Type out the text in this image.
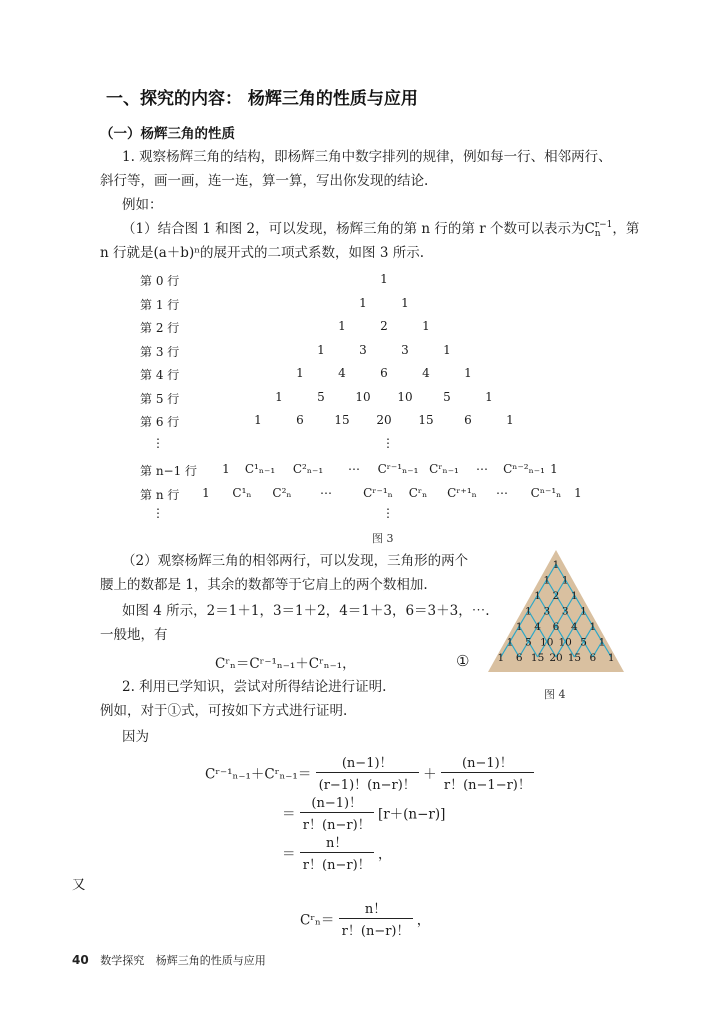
一、探究的内容： 杨辉三角的性质与应用
（一）杨辉三角的性质
1. 观察杨辉三角的结构，即杨辉三角中数字排列的规律，例如每一行、相邻两行、
斜行等，画一画，连一连，算一算，写出你发现的结论.
例如：
（1）结合图 1 和图 2，可以发现，杨辉三角的第 n 行的第 r 个数可以表示为C r−1
n ，第
n 行就是(a＋b)ⁿ的展开式的二项式系数，如图 3 所示.
图 3
（2）观察杨辉三角的相邻两行，可以发现，三角形的两个
腰上的数都是 1，其余的数都等于它肩上的两个数相加.
如图 4 所示，2＝1＋1，3＝1＋2，4＝1＋3，6＝3＋3，⋯.
一般地，有
Cʳₙ＝Cʳ⁻¹ₙ₋₁＋Cʳₙ₋₁，	①
1
1 1
1 2 1
1 3 3 1
1 4 6 4 1
1 5 10 10 5 1
1 6 15 20 15 6 1
图 4
2. 利用已学知识，尝试对所得结论进行证明.
例如，对于①式，可按如下方式进行证明.
因为
Cʳ⁻¹ₙ₋₁＋Cʳₙ₋₁＝ $\frac{(n-1)!}{(r-1)!(n-r)!} + \frac{(n-1)!}{r!(n-1-r)!}$
＝ $\frac{(n-1)!}{r!(n-r)!} [r+(n-r)]$
＝ $\frac{n!}{r!(n-r)!}$ ，
又
Cʳₙ＝ $\frac{n!}{r!(n-r)!}$ ，
40 数学探究 杨辉三角的性质与应用
第 0 行	1
第 1 行	1	1
第 2 行	1	2	1
第 3 行	1	3	3	1
第 4 行	1	4	6	4	1
第 5 行	1	5	10 10	5	1
第 6 行	1	6	15 20 15	6	1
⋮	⋮
第 n−1 行 1 C¹ₙ₋₁ C²ₙ₋₁ ⋯ Cʳ⁻¹ₙ₋₁ Cʳₙ₋₁ ⋯ Cⁿ⁻²ₙ₋₁ 1
第 n 行 1 C¹ₙ C²ₙ ⋯	Cʳ⁻¹ₙ Cʳₙ Cʳ⁺¹ₙ ⋯ Cⁿ⁻¹ₙ 1
⋮	⋮
